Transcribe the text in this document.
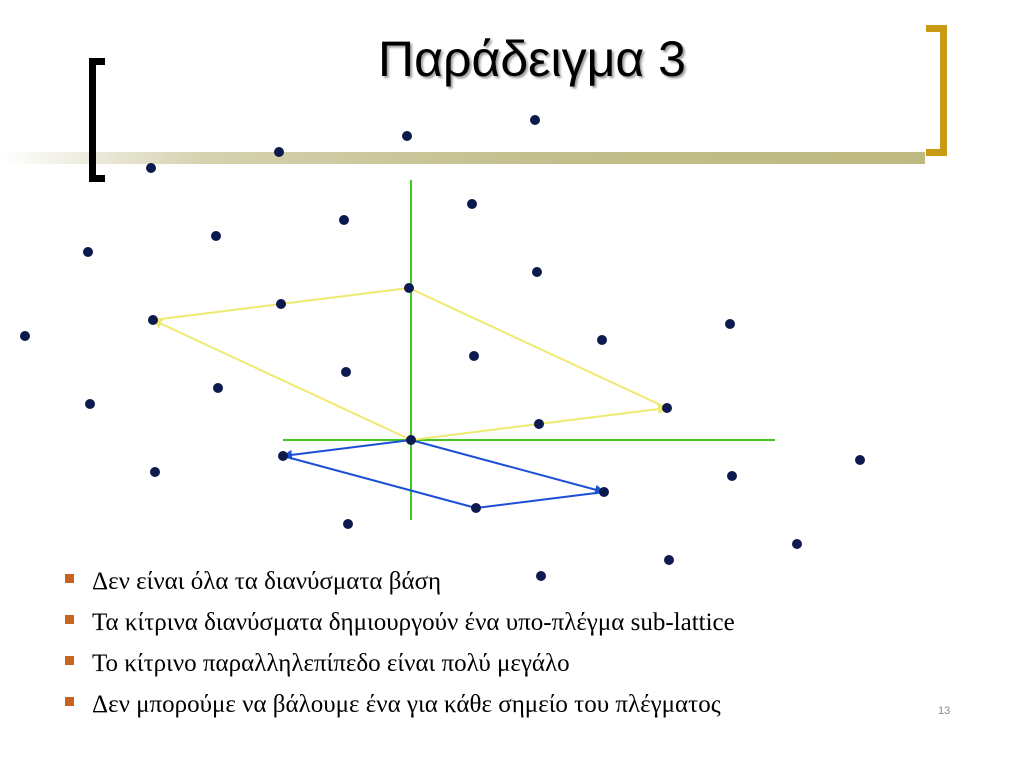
Παράδειγμα 3
Δεν είναι όλα τα διανύσματα βάση
Τα κίτρινα διανύσματα δημιουργούν ένα υπο-πλέγμα sub-lattice
Το κίτρινο παραλληλεπίπεδο είναι πολύ μεγάλο
Δεν μπορούμε να βάλουμε ένα για κάθε σημείο του πλέγματος	13
